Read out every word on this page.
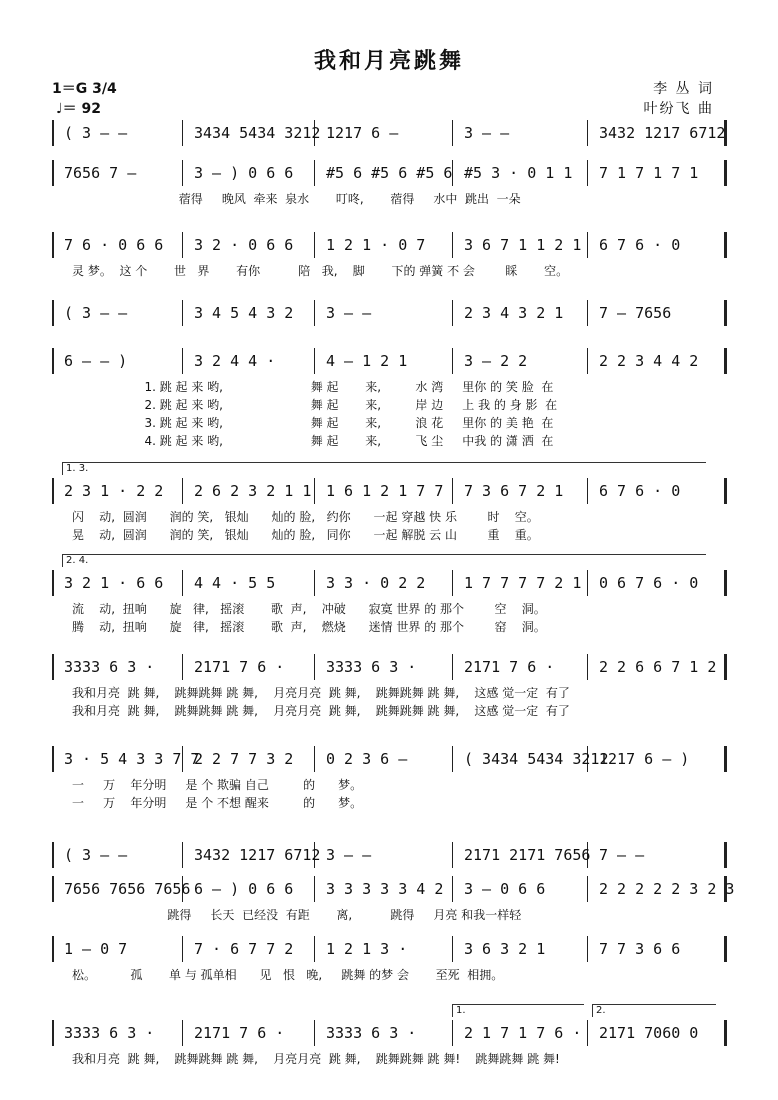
我和月亮跳舞
1＝G 3/4
♩＝ 92
李 丛 词
叶纷飞 曲
( 3 — —	3434 5434 3212 1217 6 —	3 — —	3432 1217 6712
7656 7 —	3 — ) 0 6 6 #5 6 #5 6 #5 6 #5 3 · 0 1 1 7 1 7 1 7 1
蓿得     晚风  牵来  泉水       叮咚,       蓿得     水中  跳出  一朵
7 6 · 0 6 6 3 2 · 0 6 6 1 2 1 · 0 7	3 6 7 1 1 2 1 6 7 6 · 0
灵 梦。  这 个       世   界       有你          陪   我,    脚       下的 弹簧 不 会        睬       空。
( 3 — —	3 4 5 4 3 2 3 — —	2 3 4 3 2 1 7 — 7656
6 — — )	3 2 4 4 ·	4 — 1 2 1	3 — 2 2	2 2 3 4 4 2
1. 跳 起 来 哟,                       舞 起       来,         水 湾     里你 的 笑 脸  在
2. 跳 起 来 哟,                       舞 起       来,         岸 边     上 我 的 身 影  在
3. 跳 起 来 哟,                       舞 起       来,         浪 花     里你 的 美 艳  在
4. 跳 起 来 哟,                       舞 起       来,         飞 尘     中我 的 潇 洒  在
2 3 1 · 2 2 2 6 2 3 2 1 1 1 6 1 2 1 7 7 7 3 6 7 2 1 6 7 6 · 0
1. 3.
闪    动,  圆润      润的 笑,   银灿      灿的 脸,   约你      一起 穿越 快 乐        时    空。
晃    动,  圆润      润的 笑,   银灿      灿的 脸,   同你      一起 解脱 云 山        重    重。
3 2 1 · 6 6 4 4 · 5 5	3 3 · 0 2 2	1 7 7 7 7 2 1 0 6 7 6 · 0
2. 4.
流    动,  扭响      旋   律,   摇滚       歌  声,    冲破      寂寞 世界 的 那个        空    洞。
腾    动,  扭响      旋   律,   摇滚       歌  声,    燃烧      迷情 世界 的 那个        窑    洞。
3333 6 3 ·	2171 7 6 ·	3333 6 3 ·	2171 7 6 ·	2 2 6 6 7 1 2
我和月亮  跳 舞,    跳舞跳舞 跳 舞,    月亮月亮  跳 舞,    跳舞跳舞 跳 舞,    这感 觉一定  有了
我和月亮  跳 舞,    跳舞跳舞 跳 舞,    月亮月亮  跳 舞,    跳舞跳舞 跳 舞,    这感 觉一定  有了
3 · 5 4 3 3 7 7
2 2 7 7 3 2 0 2 3 6 —	( 3434 5434 3212
1217 6 — )
一     万    年分明     是 个 欺骗 自己         的      梦。
一     万    年分明     是 个 不想 醒来         的      梦。
( 3 — —	3432 1217 6712 3 — —	2171 2171 7656 7 — —
7656 7656 7656 6 — ) 0 6 6 3 3 3 3 3 4 2 3 — 0 6 6	2 2 2 2 2 3 2 3
跳得     长天  已经没  有距       离,          跳得     月亮 和我一样轻
1 — 0 7	7 · 6 7 7 2 1 2 1 3 ·	3 6 3 2 1	7 7 3 6 6
松。         孤       单 与 孤单相      见   恨   晚,     跳舞 的梦 会       至死  相拥。
3333 6 3 ·	2171 7 6 ·	3333 6 3 ·	2 1 7 1 7 6 · 2171 7060 0
1.	2.
我和月亮  跳 舞,    跳舞跳舞 跳 舞,    月亮月亮  跳 舞,    跳舞跳舞 跳 舞!    跳舞跳舞 跳 舞!
